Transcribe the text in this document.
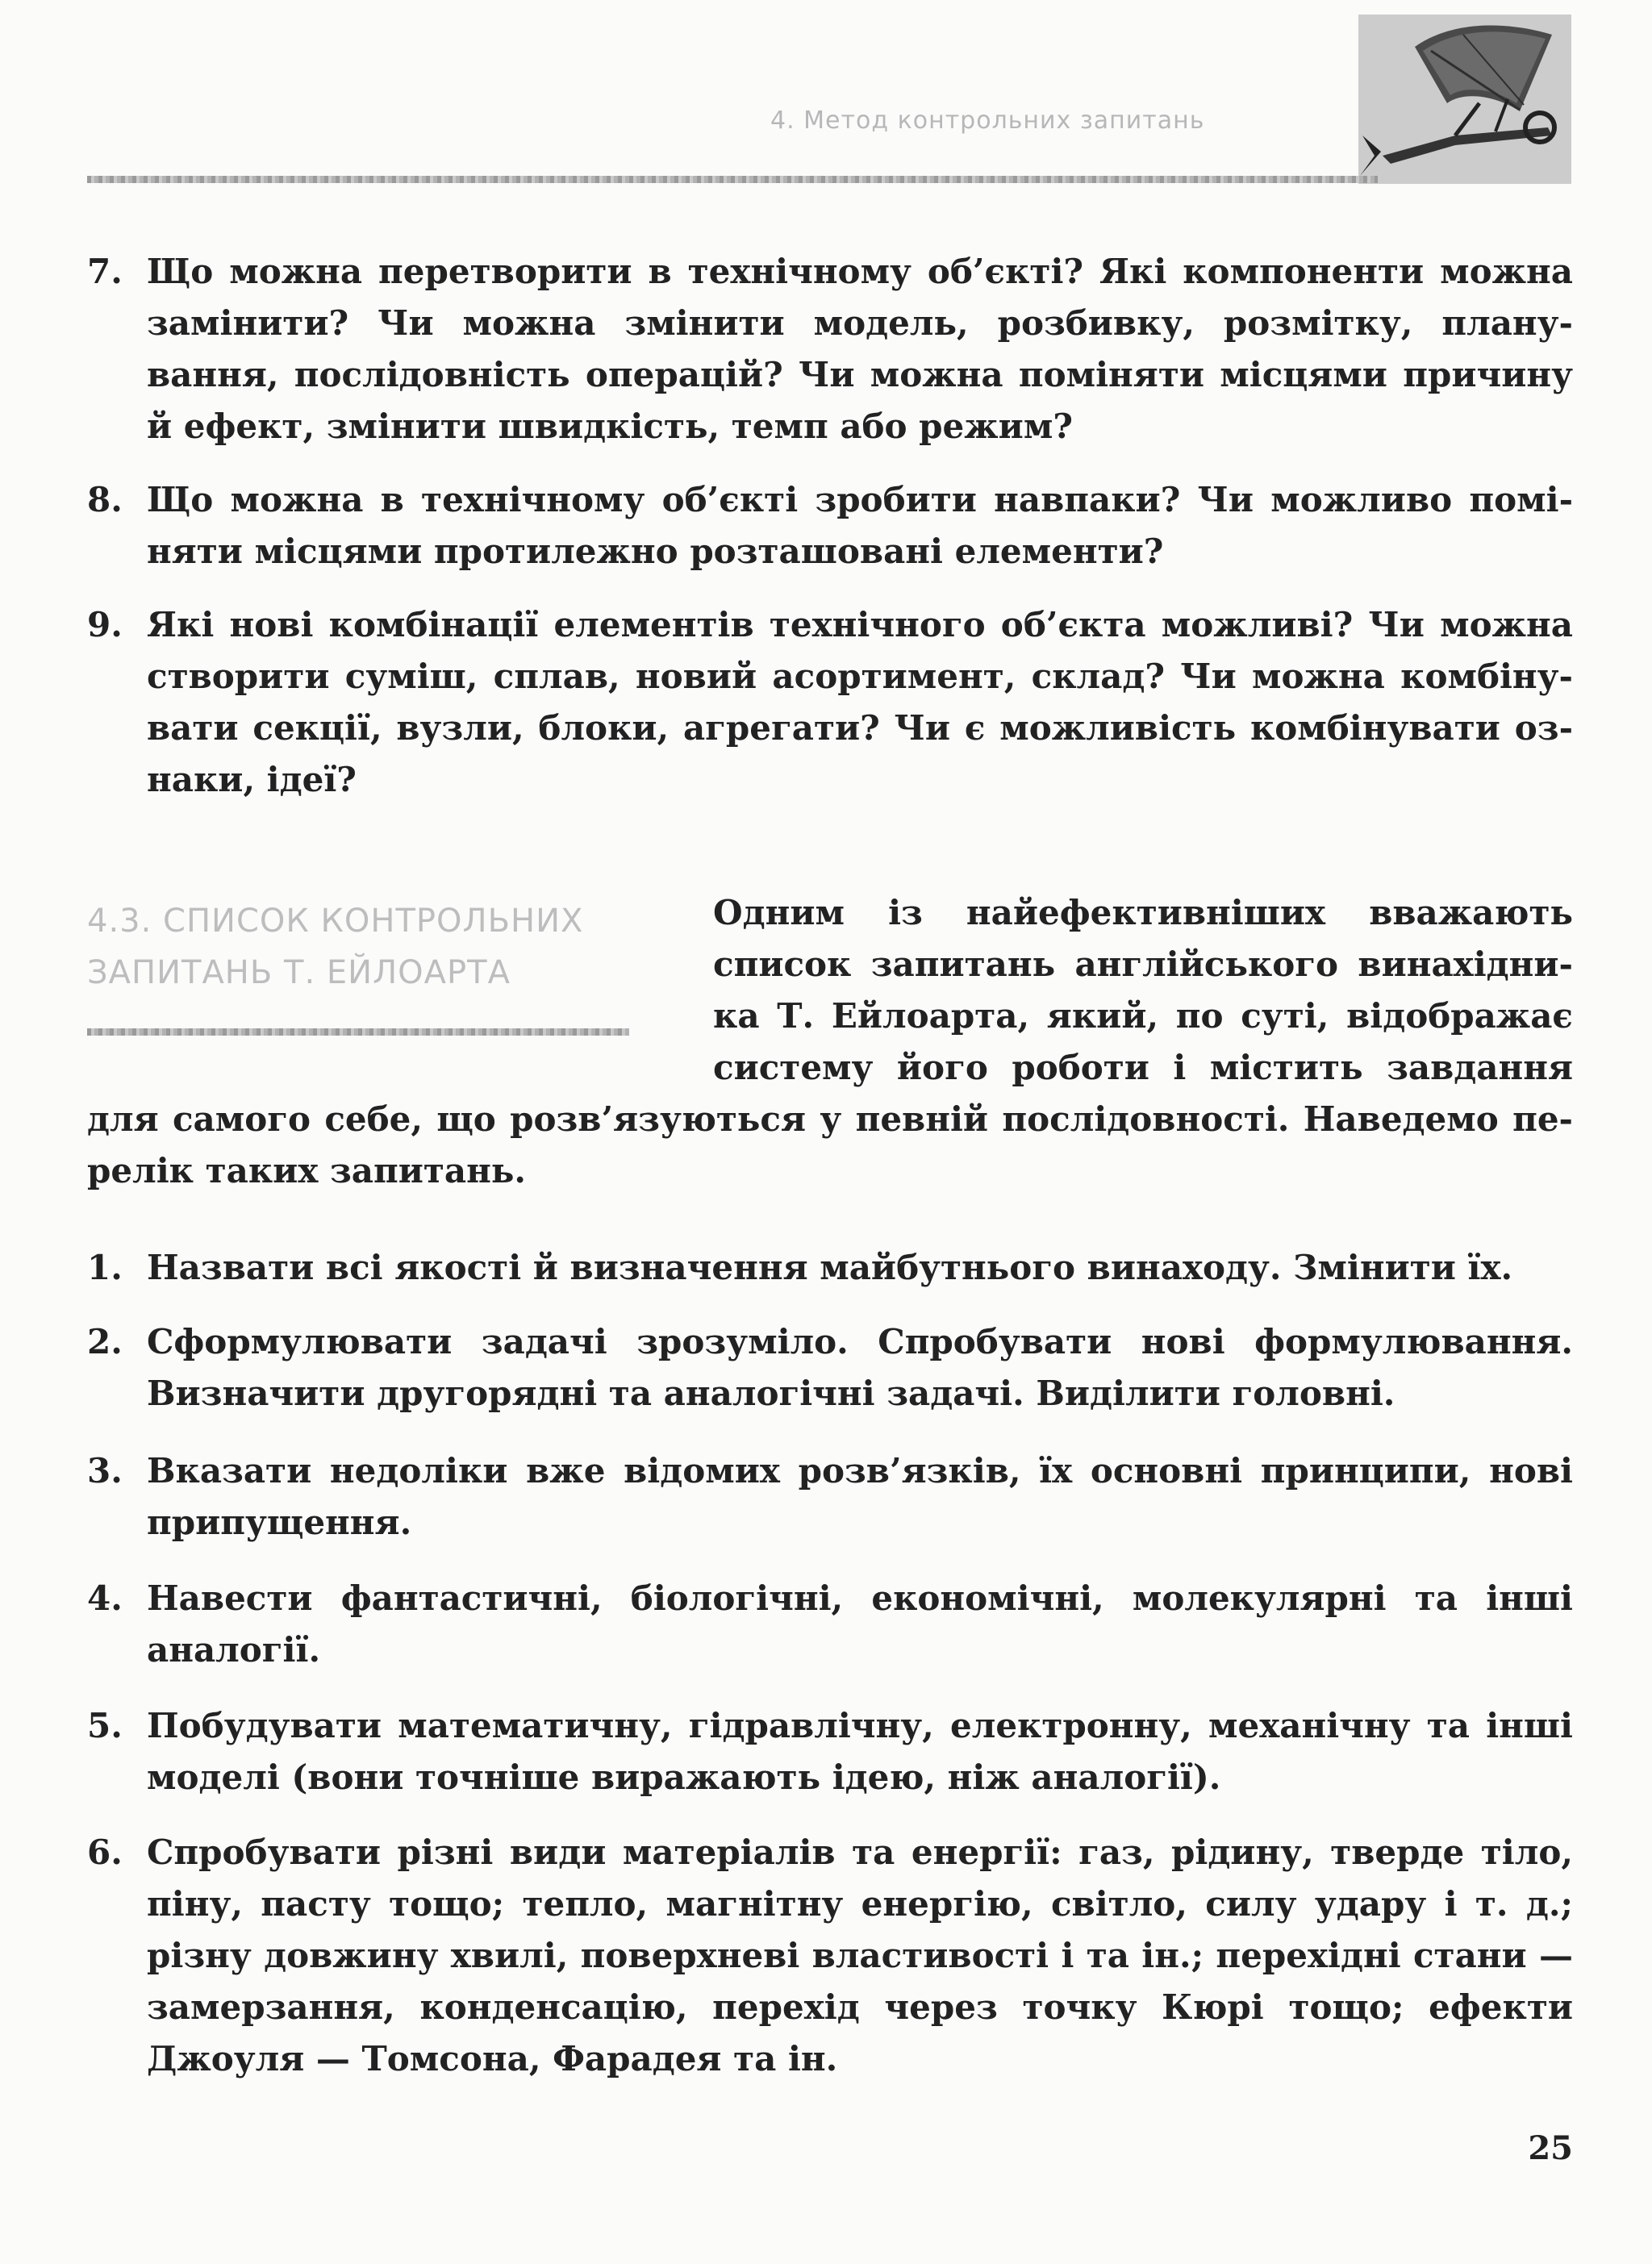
4. Метод контрольних запитань
7. Що можна перетворити в технічному об’єкті? Які компоненти можна
замінити? Чи можна змінити модель, розбивку, розмітку, плану-
вання, послідовність операцій? Чи можна поміняти місцями причину
й ефект, змінити швидкість, темп або режим?
8. Що можна в технічному об’єкті зробити навпаки? Чи можливо помі-
няти місцями протилежно розташовані елементи?
9. Які нові комбінації елементів технічного об’єкта можливі? Чи можна
створити суміш, сплав, новий асортимент, склад? Чи можна комбіну-
вати секції, вузли, блоки, агрегати? Чи є можливість комбінувати оз-
наки, ідеї?
4.3. СПИСОК КОНТРОЛЬНИХ
ЗАПИТАНЬ Т. ЕЙЛОАРТА
Одним із найефективніших вважають
список запитань англійського винахідни-
ка Т. Ейлоарта, який, по суті, відображає
систему його роботи і містить завдання
для самого себе, що розв’язуються у певній послідовності. Наведемо пе-
релік таких запитань.
1. Назвати всі якості й визначення майбутнього винаходу. Змінити їх.
2. Сформулювати задачі зрозуміло. Спробувати нові формулювання.
Визначити другорядні та аналогічні задачі. Виділити головні.
3. Вказати недоліки вже відомих розв’язків, їх основні принципи, нові
припущення.
4. Навести фантастичні, біологічні, економічні, молекулярні та інші
аналогії.
5. Побудувати математичну, гідравлічну, електронну, механічну та інші
моделі (вони точніше виражають ідею, ніж аналогії).
6. Спробувати різні види матеріалів та енергії: газ, рідину, тверде тіло,
піну, пасту тощо; тепло, магнітну енергію, світло, силу удару і т. д.;
різну довжину хвилі, поверхневі властивості і та ін.; перехідні стани —
замерзання, конденсацію, перехід через точку Кюрі тощо; ефекти
Джоуля — Томсона, Фарадея та ін.
25
